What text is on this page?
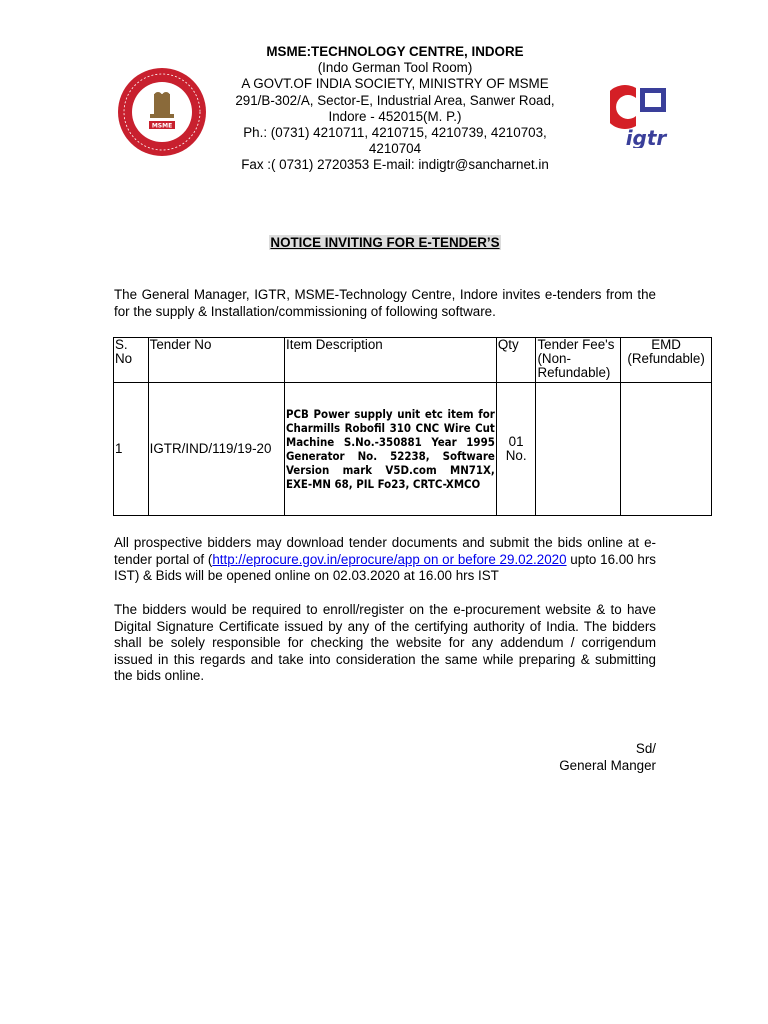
MSME	igtr
MSME:TECHNOLOGY CENTRE, INDORE
(Indo German Tool Room)
A GOVT.OF INDIA SOCIETY, MINISTRY OF MSME
291/B-302/A, Sector-E, Industrial Area, Sanwer Road,
Indore - 452015(M. P.)
Ph.: (0731) 4210711, 4210715, 4210739, 4210703,
4210704
Fax :( 0731) 2720353 E-mail: indigtr@sancharnet.in
NOTICE INVITING FOR E-TENDER’S
The General Manager, IGTR, MSME-Technology Centre, Indore invites e-tenders from the for the supply & Installation/commissioning of following software.
S. No	Tender No	Item Description	Qty	Tender Fee's (Non-Refundable)	EMD
(Refundable)

1	IGTR/IND/119/19-20	PCB Power supply unit etc item for Charmills Robofil 310 CNC Wire Cut Machine S.No.-350881 Year 1995 Generator No. 52238, Software Version mark V5D.com MN71X, EXE-MN 68, PIL Fo23, CRTC-XMCO	01
No.		

All prospective bidders may download tender documents and submit the bids online at e-tender portal of (http://eprocure.gov.in/eprocure/app on or before 29.02.2020 upto 16.00 hrs IST) & Bids will be opened online on 02.03.2020 at 16.00 hrs IST
The bidders would be required to enroll/register on the e-procurement website & to have Digital Signature Certificate issued by any of the certifying authority of India. The bidders shall be solely responsible for checking the website for any addendum / corrigendum issued in this regards and take into consideration the same while preparing & submitting the bids online.
Sd/
General Manger
